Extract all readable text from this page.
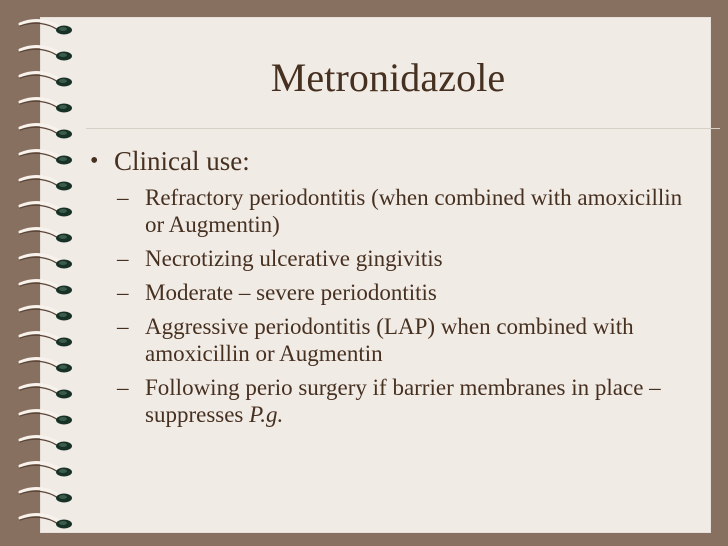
Metronidazole
• Clinical use:
– Refractory periodontitis (when combined with amoxicillin or Augmentin)
– Necrotizing ulcerative gingivitis
– Moderate – severe periodontitis
– Aggressive periodontitis (LAP) when combined with amoxicillin or Augmentin
– Following perio surgery if barrier membranes in place – suppresses P.g.
